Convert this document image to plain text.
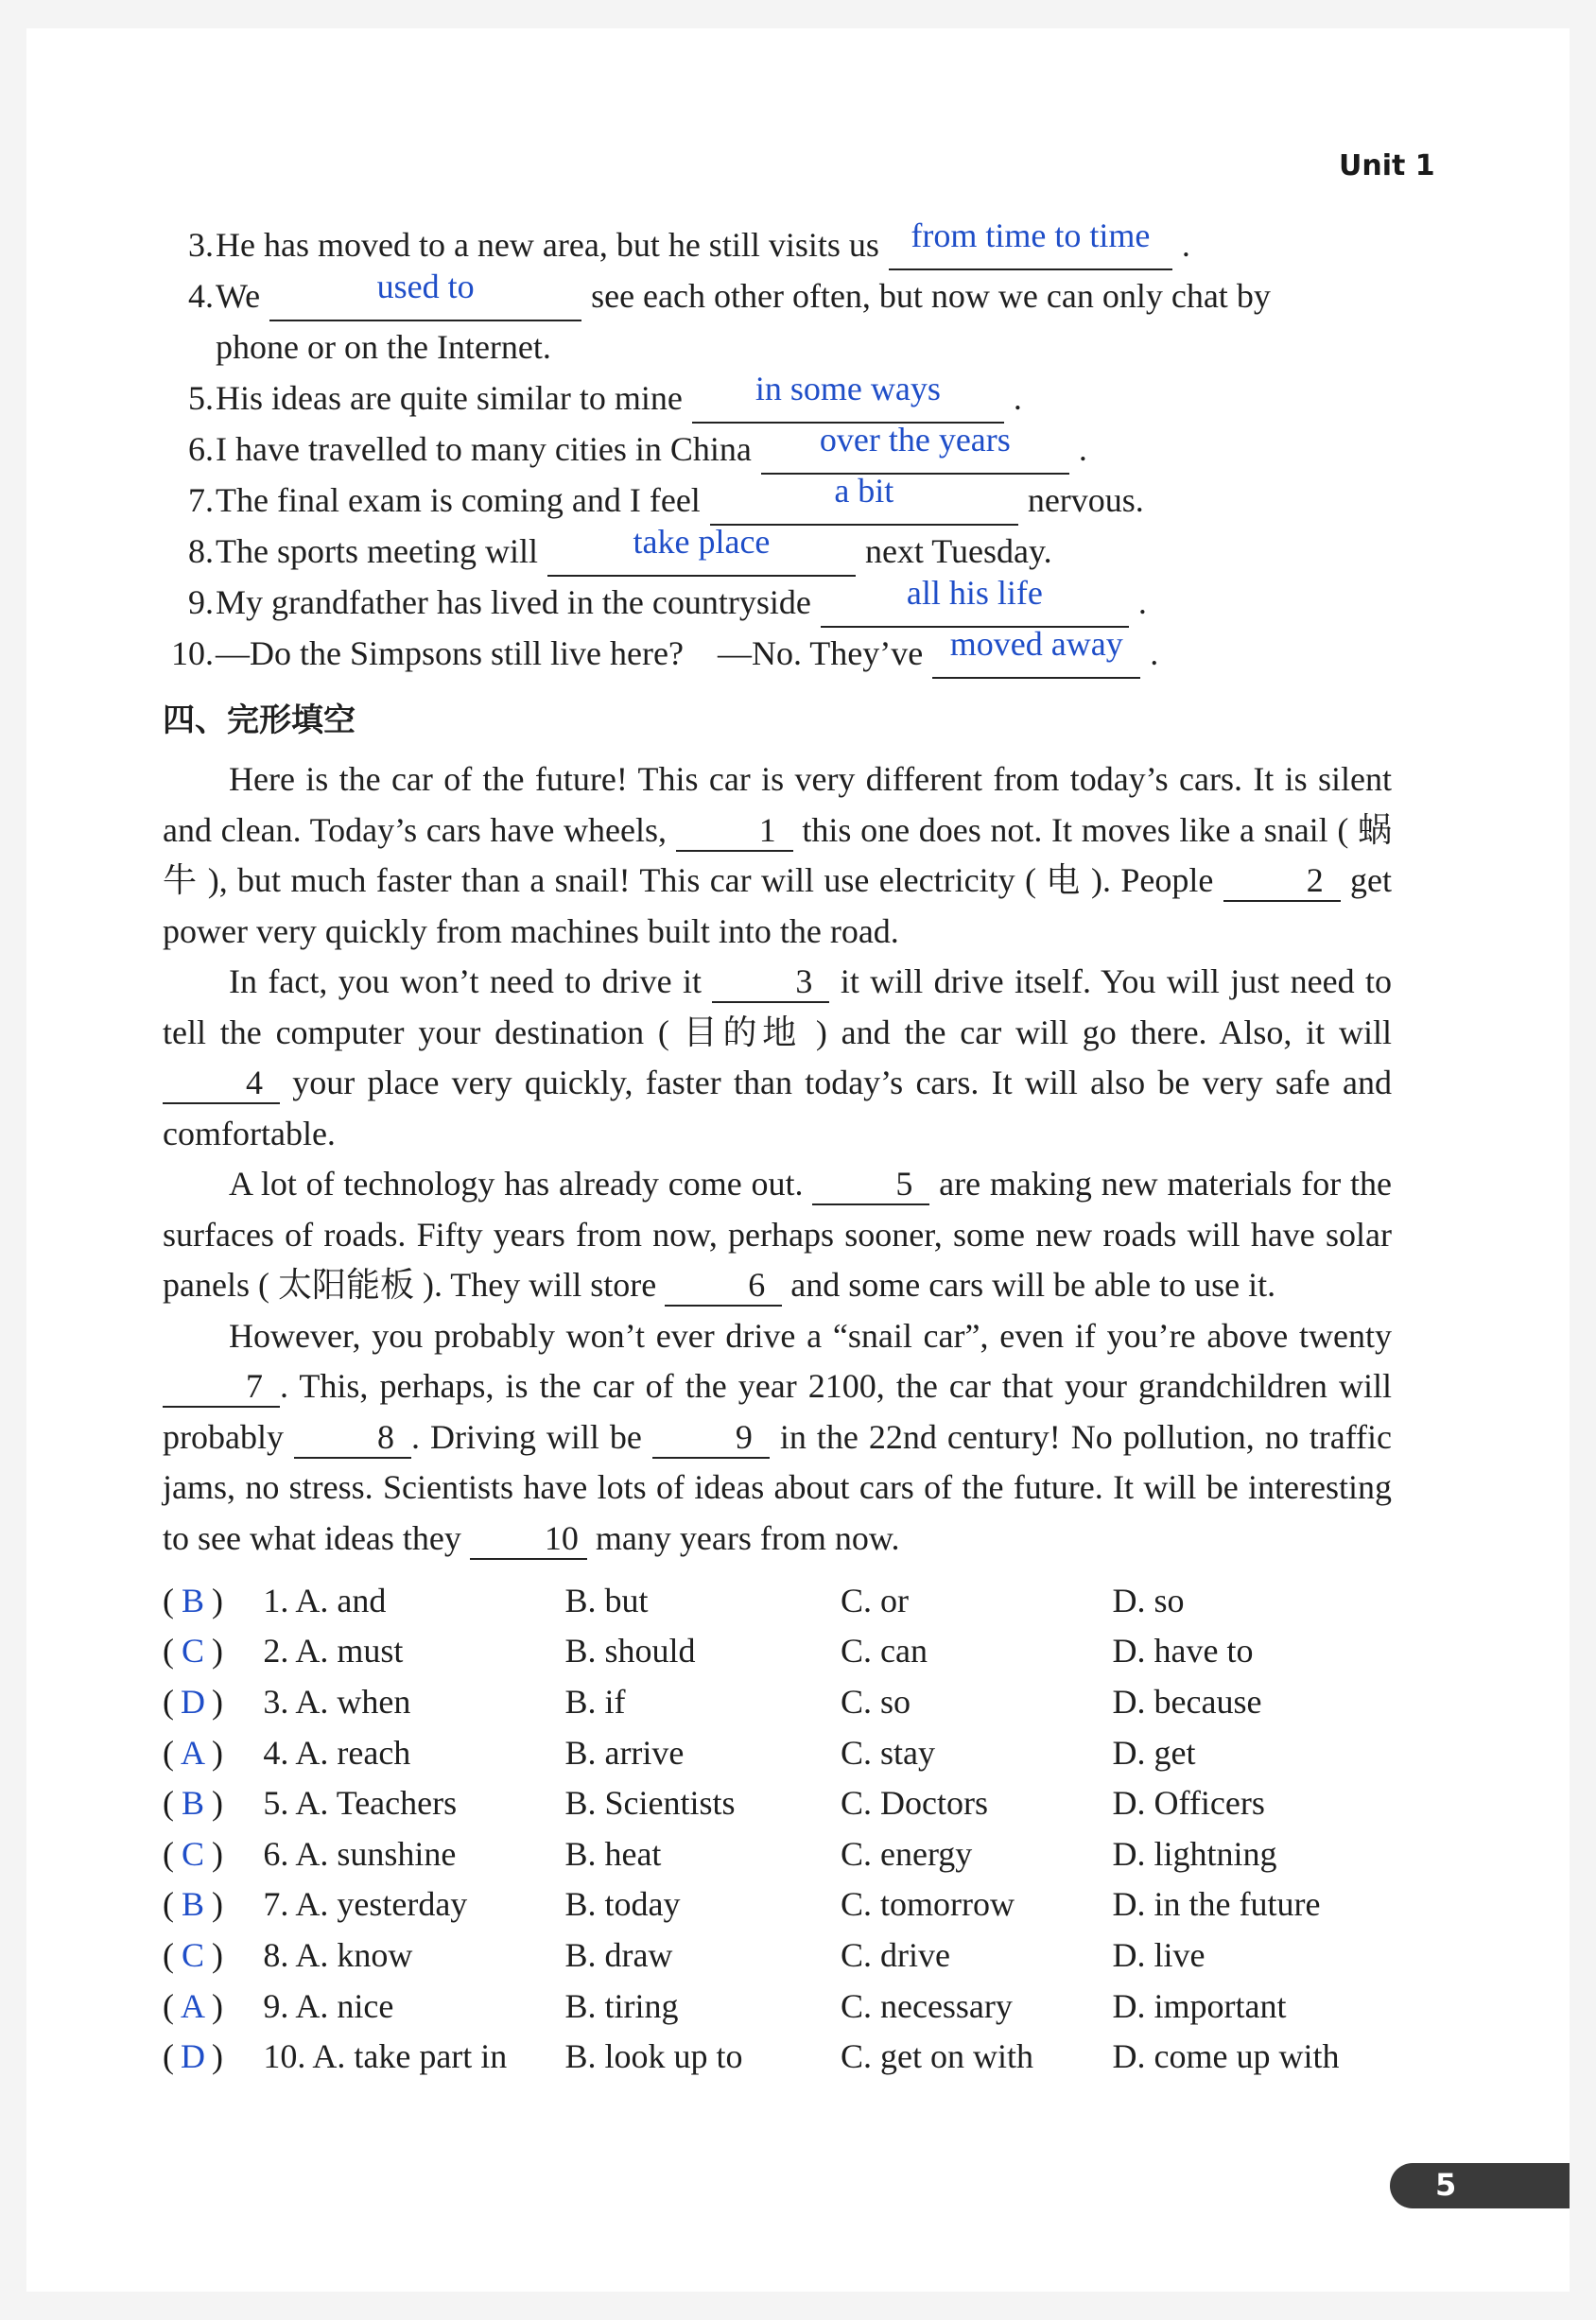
Unit 1
3. He has moved to a new area, but he still visits us from time to time .
4. We	used to	see each other often, but now we can only chat by
phone or on the Internet.
5. His ideas are quite similar to mine	in some ways	.
6. I have travelled to many cities in China	over the years	.
7. The final exam is coming and I feel	a bit	nervous.
8. The sports meeting will	take place	next Tuesday.
9. My grandfather has lived in the countryside	all his life	.
10. —Do the Simpsons still live here?    —No. They’ve moved away .
四、完形填空

Here is the car of the future! This car is very different from today’s cars. It is silent and clean. Today’s cars have wheels,	1 this one does not. It moves like a snail ( 蜗牛 ), but much faster than a snail! This car will use electricity ( 电 ). People	2 get power very quickly from machines built into the road.

In fact, you won’t need to drive it	3 it will drive itself. You will just need to tell the computer your destination ( 目的地 ) and the car will go there. Also, it will 4 your place very quickly, faster than today’s cars. It will also be very safe and comfortable.

A lot of technology has already come out.	5 are making new materials for the surfaces of roads. Fifty years from now, perhaps sooner, some new roads will have solar panels ( 太阳能板 ). They will store	6 and some cars will be able to use it.

However, you probably won’t ever drive a “snail car”, even if you’re above twenty 7 . This, perhaps, is the car of the year 2100, the car that your grandchildren will probably	8 . Driving will be	9 in the 22nd century! No pollution, no traffic jams, no stress. Scientists have lots of ideas about cars of the future. It will be interesting to see what ideas they 10 many years from now.

( B )	1. A. and	B. but	C. or	D. so
( C )	2. A. must	B. should	C. can	D. have to
( D )	3. A. when	B. if	C. so	D. because
( A )	4. A. reach	B. arrive	C. stay	D. get
( B )	5. A. Teachers	B. Scientists	C. Doctors	D. Officers
( C )	6. A. sunshine	B. heat	C. energy	D. lightning
( B )	7. A. yesterday	B. today	C. tomorrow	D. in the future
( C )	8. A. know	B. draw	C. drive	D. live
( A )	9. A. nice	B. tiring	C. necessary	D. important
( D )	10. A. take part in	B. look up to	C. get on with	D. come up with
5
